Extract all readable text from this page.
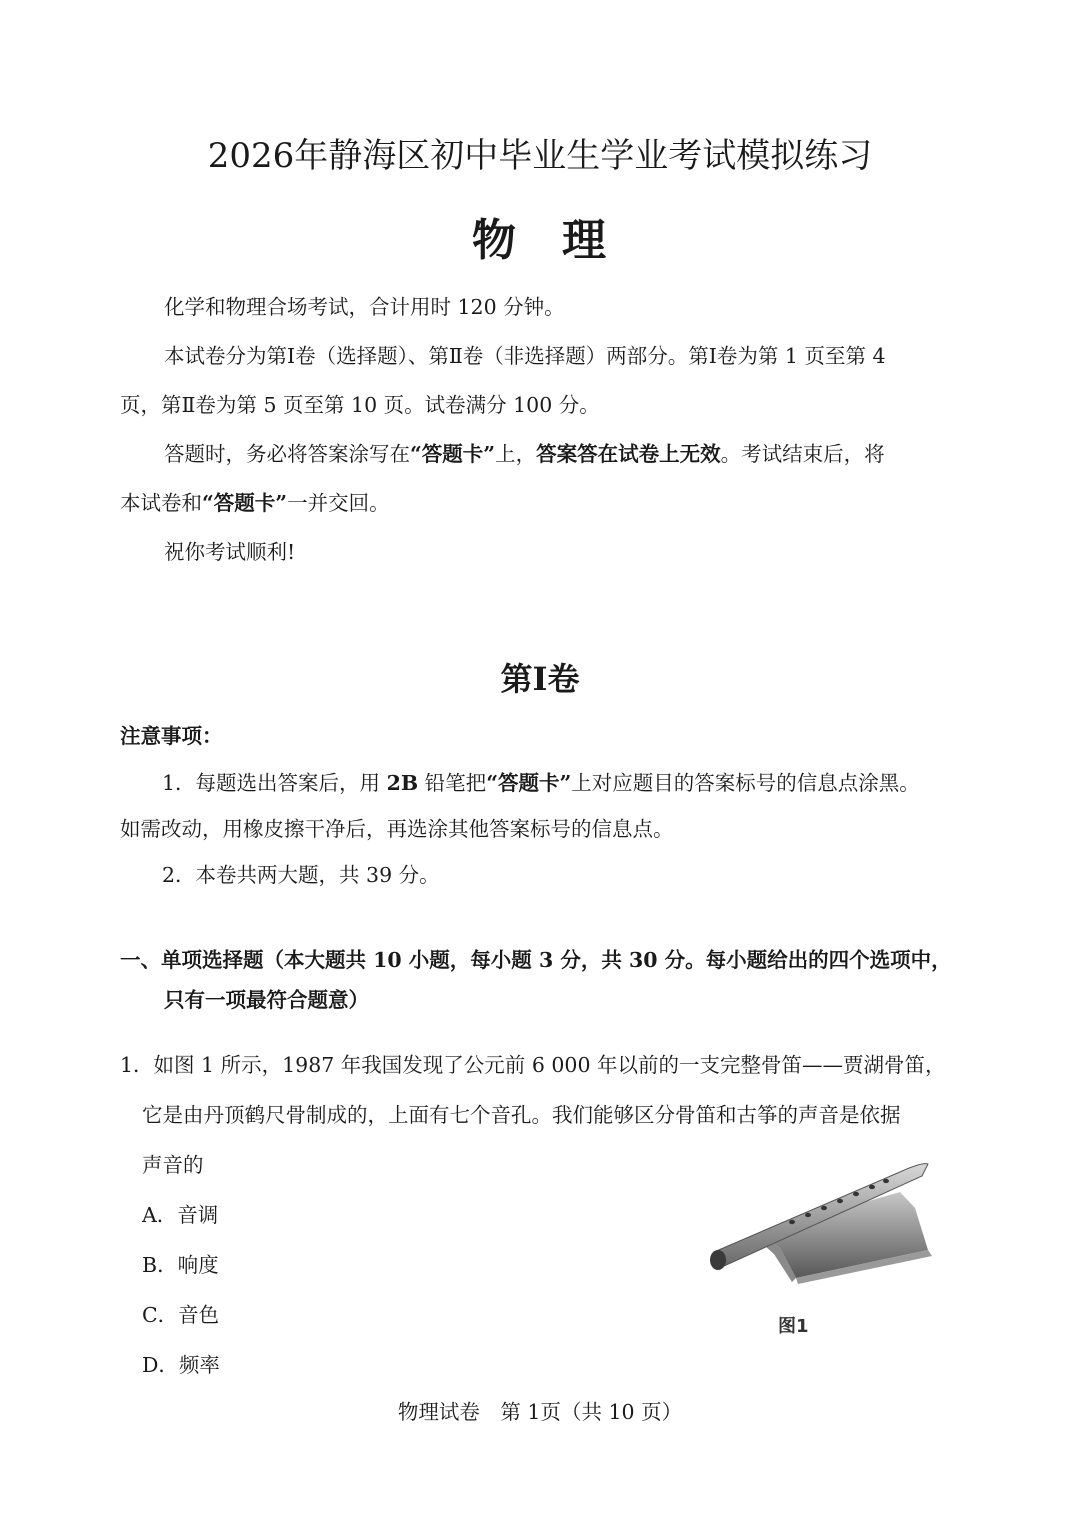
2026年静海区初中毕业生学业考试模拟练习
物 理
化学和物理合场考试，合计用时 120 分钟。
本试卷分为第Ⅰ卷（选择题）、第Ⅱ卷（非选择题）两部分。第Ⅰ卷为第 1 页至第 4
页，第Ⅱ卷为第 5 页至第 10 页。试卷满分 100 分。
答题时，务必将答案涂写在“答题卡”上，答案答在试卷上无效。考试结束后，将
本试卷和“答题卡”一并交回。
祝你考试顺利!
第Ⅰ卷
注意事项：
1．每题选出答案后，用 2B 铅笔把“答题卡”上对应题目的答案标号的信息点涂黑。
如需改动，用橡皮擦干净后，再选涂其他答案标号的信息点。
2．本卷共两大题，共 39 分。
一、单项选择题（本大题共 10 小题，每小题 3 分，共 30 分。每小题给出的四个选项中，
只有一项最符合题意）
1．如图 1 所示，1987 年我国发现了公元前 6 000 年以前的一支完整骨笛——贾湖骨笛，
它是由丹顶鹤尺骨制成的，上面有七个音孔。我们能够区分骨笛和古筝的声音是依据
声音的
A．音调
B．响度
C．音色
D．频率
图1
物理试卷　第 1页（共 10 页）
